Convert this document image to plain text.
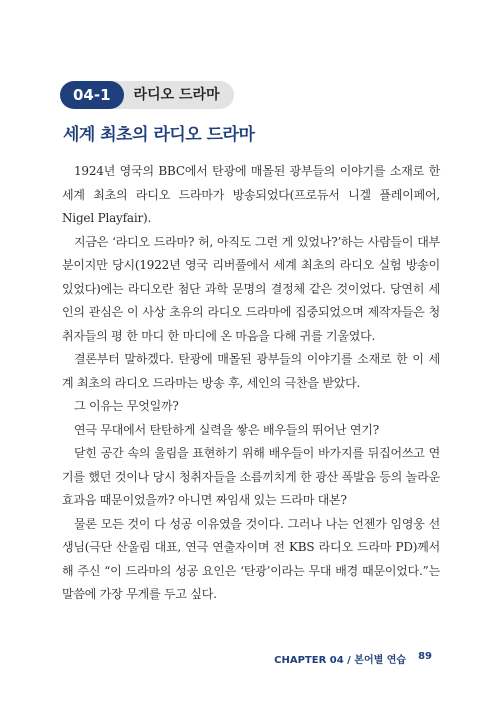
04-1	라디오 드라마
세계 최초의 라디오 드라마

1924년 영국의 BBC에서 탄광에 매몰된 광부들의 이야기를 소재로 한 세계 최초의 라디오 드라마가 방송되었다(프로듀서 니겔 플레이페어, Nigel Playfair).

지금은 ‘라디오 드라마? 허, 아직도 그런 게 있었나?’하는 사람들이 대부분이지만 당시(1922년 영국 리버풀에서 세계 최초의 라디오 실험 방송이 있었다)에는 라디오란 첨단 과학 문명의 결정체 같은 것이었다. 당연히 세인의 관심은 이 사상 초유의 라디오 드라마에 집중되었으며 제작자들은 청취자들의 평 한 마디 한 마디에 온 마음을 다해 귀를 기울였다.

결론부터 말하겠다. 탄광에 매몰된 광부들의 이야기를 소재로 한 이 세계 최초의 라디오 드라마는 방송 후, 세인의 극찬을 받았다.

그 이유는 무엇일까?

연극 무대에서 탄탄하게 실력을 쌓은 배우들의 뛰어난 연기?

닫힌 공간 속의 울림을 표현하기 위해 배우들이 바가지를 뒤집어쓰고 연기를 했던 것이나 당시 청취자들을 소름끼치게 한 광산 폭발음 등의 놀라운 효과음 때문이었을까? 아니면 짜임새 있는 드라마 대본?

물론 모든 것이 다 성공 이유였을 것이다. 그러나 나는 언젠가 임영웅 선생님(극단 산울림 대표, 연극 연출자이며 전 KBS 라디오 드라마 PD)께서 해 주신 “이 드라마의 성공 요인은 ‘탄광’이라는 무대 배경 때문이었다.”는 말씀에 가장 무게를 두고 싶다.

CHAPTER 04 / 본어별 연습 89
